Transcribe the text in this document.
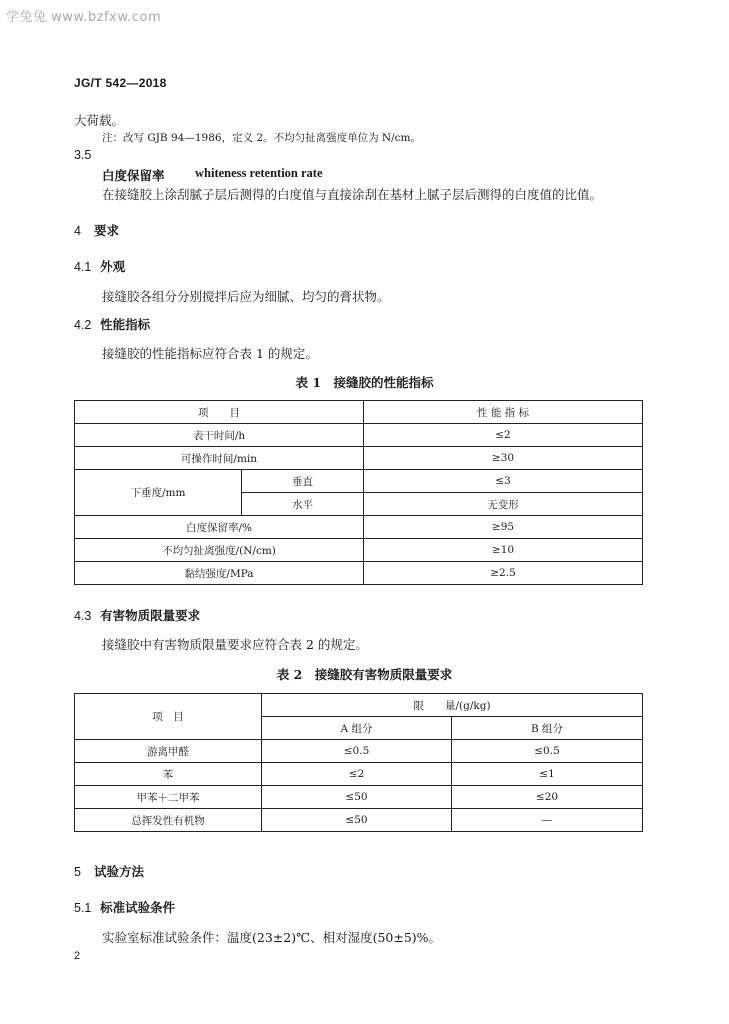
学兔兔 www.bzfxw.com
JG/T 542—2018
大荷载。
注：改写 GJB 94—1986，定义 2。不均匀扯离强度单位为 N/cm。
3.5
白度保留率 whiteness retention rate
在接缝胶上涂刮腻子层后测得的白度值与直接涂刮在基材上腻子层后测得的白度值的比值。
4 要求
4.1 外观
接缝胶各组分分别搅拌后应为细腻、均匀的膏状物。
4.2 性能指标
接缝胶的性能指标应符合表 1 的规定。
表 1　接缝胶的性能指标
项　　目		性 能 指 标
表干时间/h		≤2
可操作时间/min		≥30
下垂度/mm	垂直	≤3
	水平	无变形
白度保留率/%		≥95
不均匀扯离强度/(N/cm)		≥10
黏结强度/MPa		≥2.5
4.3 有害物质限量要求
接缝胶中有害物质限量要求应符合表 2 的规定。
表 2　接缝胶有害物质限量要求
项　目	限　　量/(g/kg)	
	A 组分	B 组分
游离甲醛	≤0.5	≤0.5
苯	≤2	≤1
甲苯＋二甲苯	≤50	≤20
总挥发性有机物	≤50	—
5 试验方法
5.1 标准试验条件
实验室标准试验条件：温度(23±2)℃、相对湿度(50±5)%。
2
